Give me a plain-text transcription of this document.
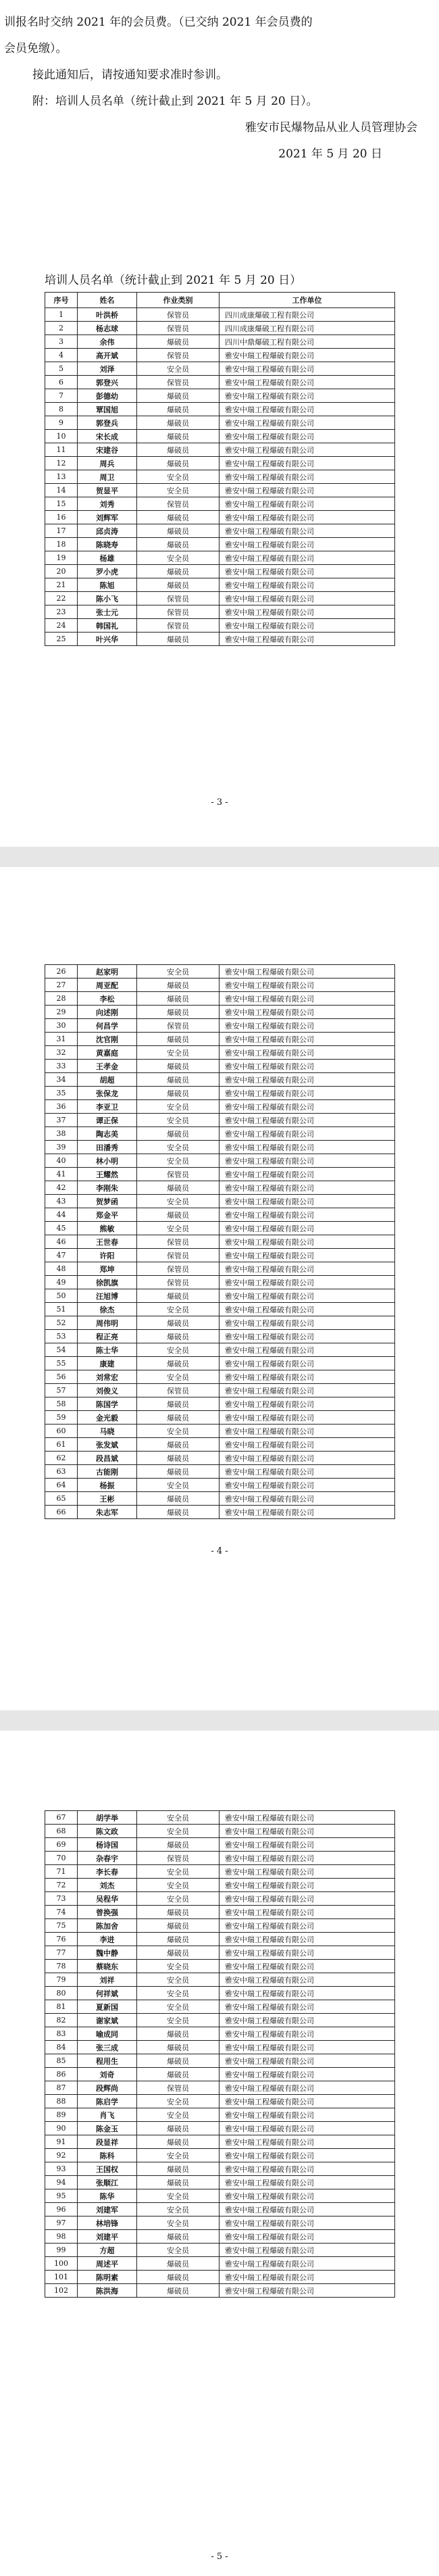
训报名时交纳 2021 年的会员费。（已交纳 2021 年会员费的
会员免缴）。
接此通知后，请按通知要求准时参训。
附：培训人员名单（统计截止到 2021 年 5 月 20 日）。
雅安市民爆物品从业人员管理协会
2021 年 5 月 20 日
培训人员名单（统计截止到 2021 年 5 月 20 日）
序号	姓名	作业类别	工作单位
1	叶洪桥	保管员	四川成康爆破工程有限公司
2	杨志球	保管员	四川成康爆破工程有限公司
3	余伟	爆破员	四川中鼎爆破工程有限公司
4	高开斌	保管员	雅安中瑞工程爆破有限公司
5	刘泽	安全员	雅安中瑞工程爆破有限公司
6	郭登兴	保管员	雅安中瑞工程爆破有限公司
7	彭德幼	爆破员	雅安中瑞工程爆破有限公司
8	覃国旭	爆破员	雅安中瑞工程爆破有限公司
9	郭登兵	爆破员	雅安中瑞工程爆破有限公司
10	宋长成	爆破员	雅安中瑞工程爆破有限公司
11	宋建谷	爆破员	雅安中瑞工程爆破有限公司
12	周兵	爆破员	雅安中瑞工程爆破有限公司
13	周卫	安全员	雅安中瑞工程爆破有限公司
14	贺显平	安全员	雅安中瑞工程爆破有限公司
15	刘秀	保管员	雅安中瑞工程爆破有限公司
16	刘辉军	爆破员	雅安中瑞工程爆破有限公司
17	邱贞涛	爆破员	雅安中瑞工程爆破有限公司
18	陈晓寿	爆破员	雅安中瑞工程爆破有限公司
19	杨雄	安全员	雅安中瑞工程爆破有限公司
20	罗小虎	爆破员	雅安中瑞工程爆破有限公司
21	陈旭	爆破员	雅安中瑞工程爆破有限公司
22	陈小飞	保管员	雅安中瑞工程爆破有限公司
23	张士元	保管员	雅安中瑞工程爆破有限公司
24	韩国礼	保管员	雅安中瑞工程爆破有限公司
25	叶兴华	爆破员	雅安中瑞工程爆破有限公司
- 3 -
26	赵家明	安全员	雅安中瑞工程爆破有限公司
27	周亚配	爆破员	雅安中瑞工程爆破有限公司
28	李松	爆破员	雅安中瑞工程爆破有限公司
29	向述刚	爆破员	雅安中瑞工程爆破有限公司
30	何昌学	保管员	雅安中瑞工程爆破有限公司
31	沈官刚	爆破员	雅安中瑞工程爆破有限公司
32	黄嘉庭	安全员	雅安中瑞工程爆破有限公司
33	王孝金	爆破员	雅安中瑞工程爆破有限公司
34	胡超	爆破员	雅安中瑞工程爆破有限公司
35	张保龙	爆破员	雅安中瑞工程爆破有限公司
36	李亚卫	安全员	雅安中瑞工程爆破有限公司
37	谭正保	安全员	雅安中瑞工程爆破有限公司
38	陶志美	爆破员	雅安中瑞工程爆破有限公司
39	田潘秀	安全员	雅安中瑞工程爆破有限公司
40	林小明	安全员	雅安中瑞工程爆破有限公司
41	王耀然	保管员	雅安中瑞工程爆破有限公司
42	李刚朱	爆破员	雅安中瑞工程爆破有限公司
43	贺梦函	安全员	雅安中瑞工程爆破有限公司
44	郑金平	爆破员	雅安中瑞工程爆破有限公司
45	熊敏	安全员	雅安中瑞工程爆破有限公司
46	王世春	保管员	雅安中瑞工程爆破有限公司
47	许阳	保管员	雅安中瑞工程爆破有限公司
48	郑坤	保管员	雅安中瑞工程爆破有限公司
49	徐凯旗	保管员	雅安中瑞工程爆破有限公司
50	汪旭博	爆破员	雅安中瑞工程爆破有限公司
51	徐杰	安全员	雅安中瑞工程爆破有限公司
52	周伟明	爆破员	雅安中瑞工程爆破有限公司
53	程正亮	爆破员	雅安中瑞工程爆破有限公司
54	陈士华	安全员	雅安中瑞工程爆破有限公司
55	康建	爆破员	雅安中瑞工程爆破有限公司
56	刘常宏	安全员	雅安中瑞工程爆破有限公司
57	刘俊义	保管员	雅安中瑞工程爆破有限公司
58	陈国学	爆破员	雅安中瑞工程爆破有限公司
59	金光毅	爆破员	雅安中瑞工程爆破有限公司
60	马晓	安全员	雅安中瑞工程爆破有限公司
61	张发斌	爆破员	雅安中瑞工程爆破有限公司
62	段昌斌	爆破员	雅安中瑞工程爆破有限公司
63	古能刚	爆破员	雅安中瑞工程爆破有限公司
64	杨振	安全员	雅安中瑞工程爆破有限公司
65	王彬	爆破员	雅安中瑞工程爆破有限公司
66	朱志军	爆破员	雅安中瑞工程爆破有限公司
- 4 -
67	胡学举	安全员	雅安中瑞工程爆破有限公司
68	陈文政	安全员	雅安中瑞工程爆破有限公司
69	杨诗国	爆破员	雅安中瑞工程爆破有限公司
70	杂春宇	保管员	雅安中瑞工程爆破有限公司
71	李长春	安全员	雅安中瑞工程爆破有限公司
72	刘杰	安全员	雅安中瑞工程爆破有限公司
73	吴程华	安全员	雅安中瑞工程爆破有限公司
74	曾换强	爆破员	雅安中瑞工程爆破有限公司
75	陈加舍	爆破员	雅安中瑞工程爆破有限公司
76	李进	爆破员	雅安中瑞工程爆破有限公司
77	魏中静	爆破员	雅安中瑞工程爆破有限公司
78	蔡晓东	安全员	雅安中瑞工程爆破有限公司
79	刘祥	安全员	雅安中瑞工程爆破有限公司
80	何祥斌	安全员	雅安中瑞工程爆破有限公司
81	夏新国	安全员	雅安中瑞工程爆破有限公司
82	谢家斌	安全员	雅安中瑞工程爆破有限公司
83	喻成同	爆破员	雅安中瑞工程爆破有限公司
84	张三成	爆破员	雅安中瑞工程爆破有限公司
85	程用生	爆破员	雅安中瑞工程爆破有限公司
86	刘奇	爆破员	雅安中瑞工程爆破有限公司
87	段辉尚	保管员	雅安中瑞工程爆破有限公司
88	陈启学	安全员	雅安中瑞工程爆破有限公司
89	肖飞	安全员	雅安中瑞工程爆破有限公司
90	陈金玉	爆破员	雅安中瑞工程爆破有限公司
91	段显祥	爆破员	雅安中瑞工程爆破有限公司
92	陈科	安全员	雅安中瑞工程爆破有限公司
93	王国权	爆破员	雅安中瑞工程爆破有限公司
94	张顺江	爆破员	雅安中瑞工程爆破有限公司
95	陈华	安全员	雅安中瑞工程爆破有限公司
96	刘建军	安全员	雅安中瑞工程爆破有限公司
97	林培锋	安全员	雅安中瑞工程爆破有限公司
98	刘建平	爆破员	雅安中瑞工程爆破有限公司
99	方超	安全员	雅安中瑞工程爆破有限公司
100	周述平	爆破员	雅安中瑞工程爆破有限公司
101	陈明素	爆破员	雅安中瑞工程爆破有限公司
102	陈洪海	爆破员	雅安中瑞工程爆破有限公司
- 5 -
